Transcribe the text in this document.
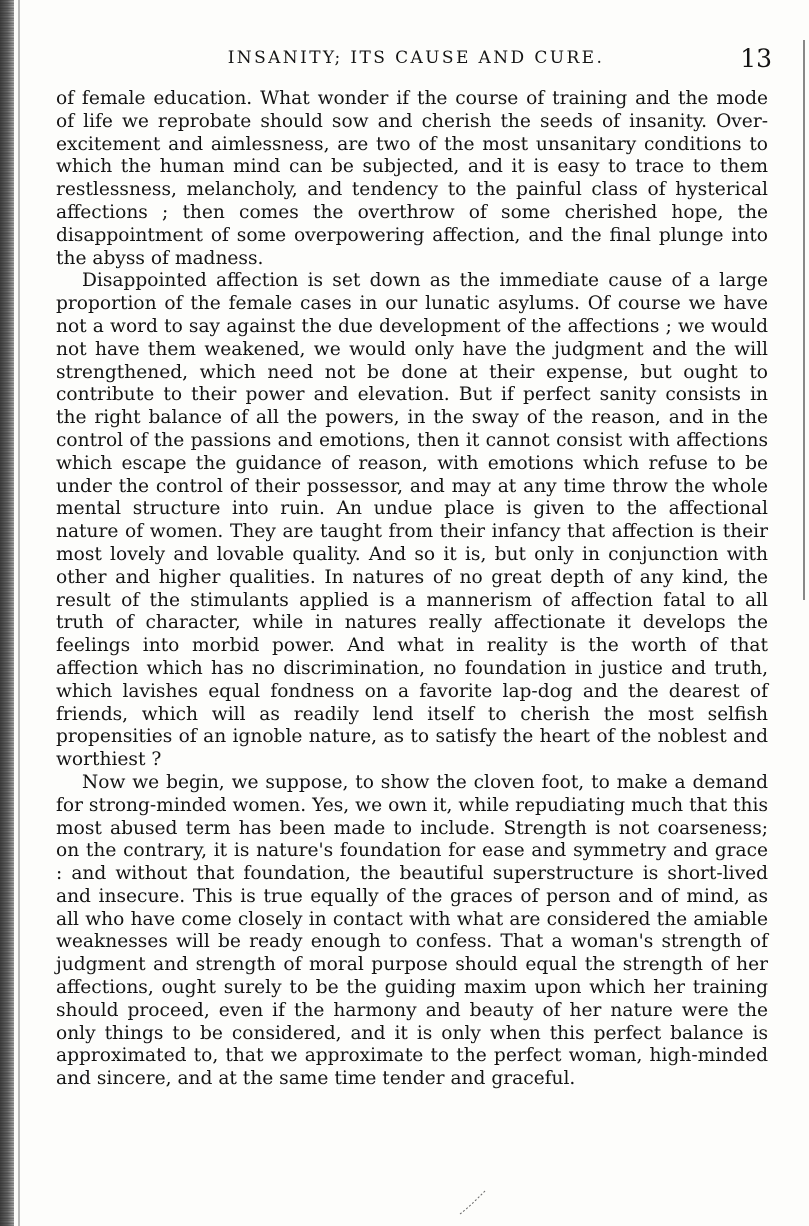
INSANITY; ITS CAUSE AND CURE.	13

of female education. What wonder if the course of training and the mode of life we reprobate should sow and cherish the seeds of insanity. Over-excitement and aimlessness, are two of the most unsanitary conditions to which the human mind can be subjected, and it is easy to trace to them restlessness, melancholy, and tendency to the painful class of hysterical affections ; then comes the overthrow of some cherished hope, the disappointment of some overpowering affection, and the final plunge into the abyss of madness.

Disappointed affection is set down as the immediate cause of a large proportion of the female cases in our lunatic asylums. Of course we have not a word to say against the due development of the affections ; we would not have them weakened, we would only have the judgment and the will strengthened, which need not be done at their expense, but ought to contribute to their power and elevation. But if perfect sanity consists in the right balance of all the powers, in the sway of the reason, and in the control of the passions and emotions, then it cannot consist with affections which escape the guidance of reason, with emotions which refuse to be under the control of their possessor, and may at any time throw the whole mental structure into ruin. An undue place is given to the affectional nature of women. They are taught from their infancy that affection is their most lovely and lovable quality. And so it is, but only in conjunction with other and higher qualities. In natures of no great depth of any kind, the result of the stimulants applied is a mannerism of affection fatal to all truth of character, while in natures really affectionate it develops the feelings into morbid power. And what in reality is the worth of that affection which has no discrimination, no foundation in justice and truth, which lavishes equal fondness on a favorite lap-dog and the dearest of friends, which will as readily lend itself to cherish the most selfish propensities of an ignoble nature, as to satisfy the heart of the noblest and worthiest ?

Now we begin, we suppose, to show the cloven foot, to make a demand for strong-minded women. Yes, we own it, while repudiating much that this most abused term has been made to include. Strength is not coarseness; on the contrary, it is nature's foundation for ease and symmetry and grace : and without that foundation, the beautiful superstructure is short-lived and insecure. This is true equally of the graces of person and of mind, as all who have come closely in contact with what are considered the amiable weaknesses will be ready enough to confess. That a woman's strength of judgment and strength of moral purpose should equal the strength of her affections, ought surely to be the guiding maxim upon which her training should proceed, even if the harmony and beauty of her nature were the only things to be considered, and it is only when this perfect balance is approximated to, that we approximate to the perfect woman, high-minded and sincere, and at the same time tender and graceful.
